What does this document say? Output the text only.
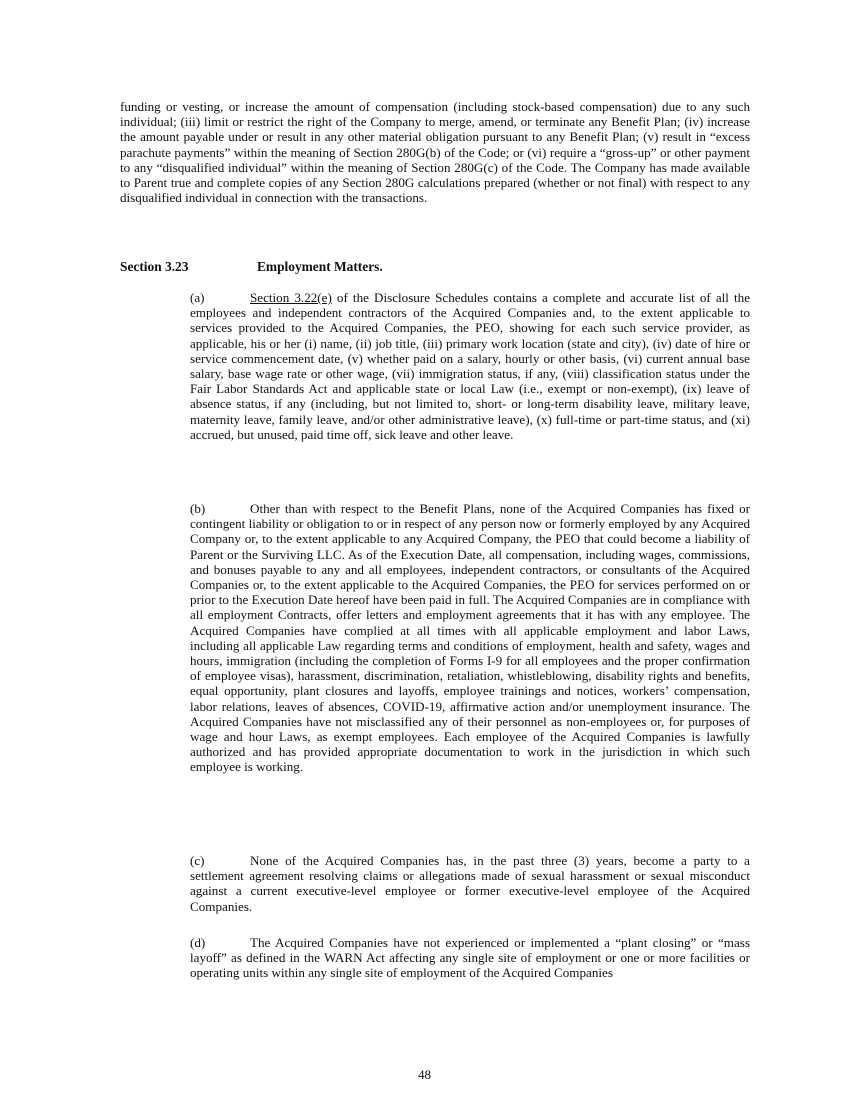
funding or vesting, or increase the amount of compensation (including stock-based compensation) due to any such individual; (iii) limit or restrict the right of the Company to merge, amend, or terminate any Benefit Plan; (iv) increase the amount payable under or result in any other material obligation pursuant to any Benefit Plan; (v) result in “excess parachute payments” within the meaning of Section 280G(b) of the Code; or (vi) require a “gross-up” or other payment to any “disqualified individual” within the meaning of Section 280G(c) of the Code. The Company has made available to Parent true and complete copies of any Section 280G calculations prepared (whether or not final) with respect to any disqualified individual in connection with the transactions.

Section 3.23	Employment Matters.

(a)	Section 3.22(e) of the Disclosure Schedules contains a complete and accurate list of all the employees and independent contractors of the Acquired Companies and, to the extent applicable to services provided to the Acquired Companies, the PEO, showing for each such service provider, as applicable, his or her (i) name, (ii) job title, (iii) primary work location (state and city), (iv) date of hire or service commencement date, (v) whether paid on a salary, hourly or other basis, (vi) current annual base salary, base wage rate or other wage, (vii) immigration status, if any, (viii) classification status under the Fair Labor Standards Act and applicable state or local Law (i.e., exempt or non-exempt), (ix) leave of absence status, if any (including, but not limited to, short- or long-term disability leave, military leave, maternity leave, family leave, and/or other administrative leave), (x) full-time or part-time status, and (xi) accrued, but unused, paid time off, sick leave and other leave.

(b)	Other than with respect to the Benefit Plans, none of the Acquired Companies has fixed or contingent liability or obligation to or in respect of any person now or formerly employed by any Acquired Company or, to the extent applicable to any Acquired Company, the PEO that could become a liability of Parent or the Surviving LLC. As of the Execution Date, all compensation, including wages, commissions, and bonuses payable to any and all employees, independent contractors, or consultants of the Acquired Companies or, to the extent applicable to the Acquired Companies, the PEO for services performed on or prior to the Execution Date hereof have been paid in full. The Acquired Companies are in compliance with all employment Contracts, offer letters and employment agreements that it has with any employee. The Acquired Companies have complied at all times with all applicable employment and labor Laws, including all applicable Law regarding terms and conditions of employment, health and safety, wages and hours, immigration (including the completion of Forms I-9 for all employees and the proper confirmation of employee visas), harassment, discrimination, retaliation, whistleblowing, disability rights and benefits, equal opportunity, plant closures and layoffs, employee trainings and notices, workers’ compensation, labor relations, leaves of absences, COVID-19, affirmative action and/or unemployment insurance. The Acquired Companies have not misclassified any of their personnel as non-employees or, for purposes of wage and hour Laws, as exempt employees. Each employee of the Acquired Companies is lawfully authorized and has provided appropriate documentation to work in the jurisdiction in which such employee is working.

(c)	None of the Acquired Companies has, in the past three (3) years, become a party to a settlement agreement resolving claims or allegations made of sexual harassment or sexual misconduct against a current executive-level employee or former executive-level employee of the Acquired Companies.

(d)	The Acquired Companies have not experienced or implemented a “plant closing” or “mass layoff” as defined in the WARN Act affecting any single site of employment or one or more facilities or operating units within any single site of employment of the Acquired Companies

48
